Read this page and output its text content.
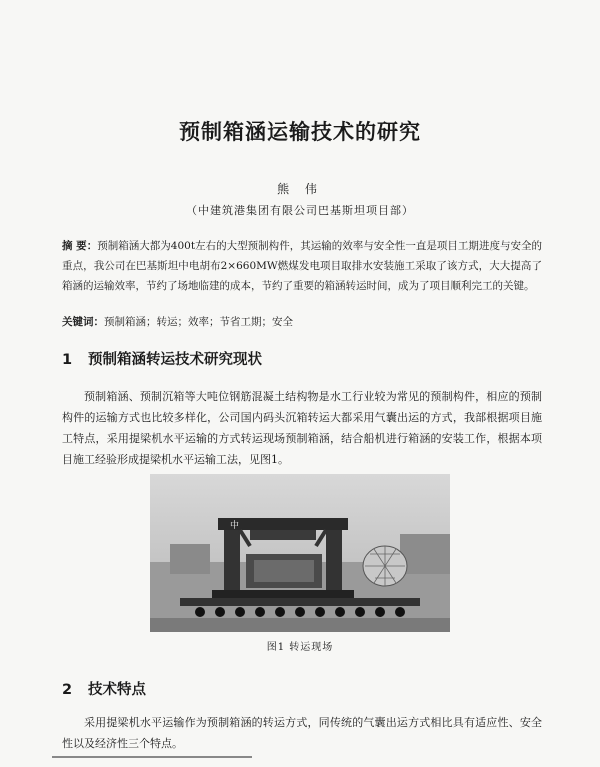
预制箱涵运输技术的研究
熊 伟
（中建筑港集团有限公司巴基斯坦项目部）

摘 要：预制箱涵大都为400t左右的大型预制构件，其运输的效率与安全性一直是项目工期进度与安全的重点，我公司在巴基斯坦中电胡布2×660MW燃煤发电项目取排水安装施工采取了该方式，大大提高了箱涵的运输效率，节约了场地临建的成本，节约了重要的箱涵转运时间，成为了项目顺利完工的关键。

关键词：预制箱涵；转运；效率；节省工期；安全

1 预制箱涵转运技术研究现状

预制箱涵、预制沉箱等大吨位钢筋混凝土结构物是水工行业较为常见的预制构件，相应的预制构件的运输方式也比较多样化，公司国内码头沉箱转运大都采用气囊出运的方式，我部根据项目施工特点，采用提梁机水平运输的方式转运现场预制箱涵，结合船机进行箱涵的安装工作，根据本项目施工经验形成提梁机水平运输工法，见图1。

中
图1 转运现场
2 技术特点

采用提梁机水平运输作为预制箱涵的转运方式，同传统的气囊出运方式相比具有适应性、安全性以及经济性三个特点。
